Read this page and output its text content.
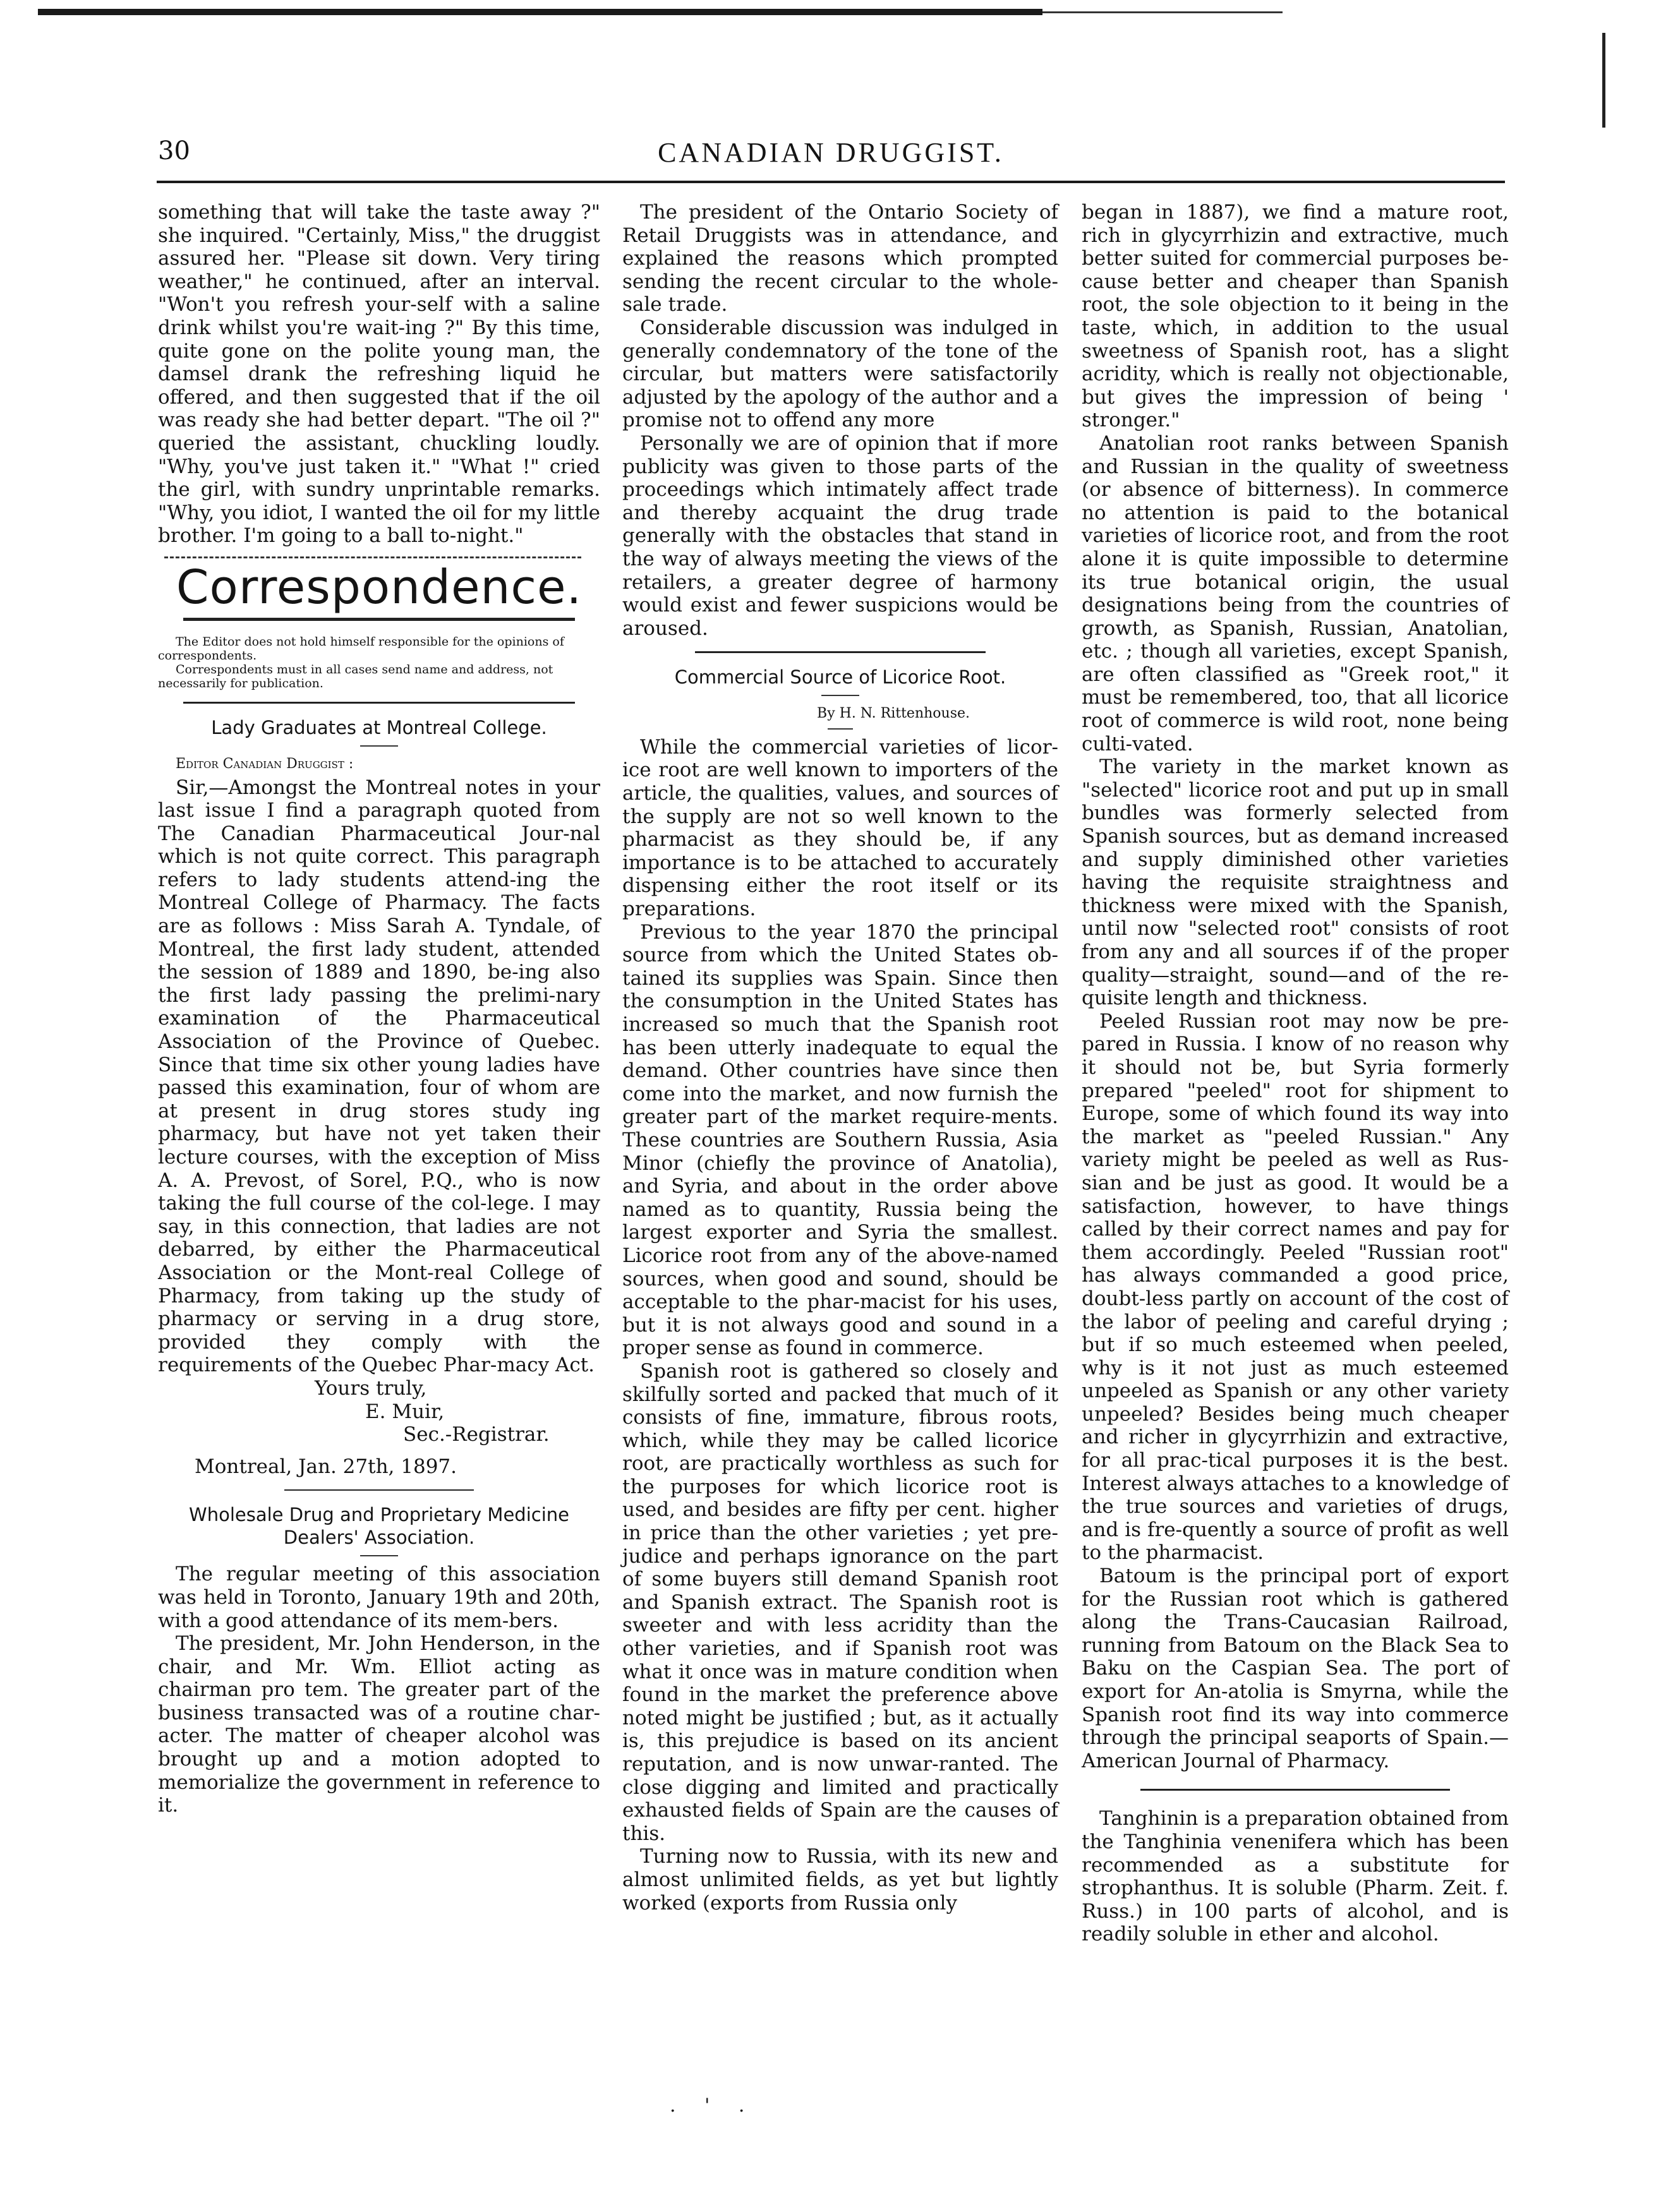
30	CANADIAN DRUGGIST.

something that will take the taste away ?" she inquired. "Certainly, Miss," the druggist assured her. "Please sit down. Very tiring weather," he continued, after an interval. "Won't you refresh your-self with a saline drink whilst you're wait-ing ?" By this time, quite gone on the polite young man, the damsel drank the refreshing liquid he offered, and then suggested that if the oil was ready she had better depart. "The oil ?" queried the assistant, chuckling loudly. "Why, you've just taken it." "What !" cried the girl, with sundry unprintable remarks. "Why, you idiot, I wanted the oil for my little brother. I'm going to a ball to-night."

Correspondence.

The Editor does not hold himself responsible for the opinions of correspondents.

Correspondents must in all cases send name and address, not necessarily for publication.

Lady Graduates at Montreal College.

Editor Canadian Druggist :

Sir,—Amongst the Montreal notes in your last issue I find a paragraph quoted from The Canadian Pharmaceutical Jour-nal which is not quite correct. This paragraph refers to lady students attend-ing the Montreal College of Pharmacy. The facts are as follows : Miss Sarah A. Tyndale, of Montreal, the first lady student, attended the session of 1889 and 1890, be-ing also the first lady passing the prelimi-nary examination of the Pharmaceutical Association of the Province of Quebec. Since that time six other young ladies have passed this examination, four of whom are at present in drug stores study ing pharmacy, but have not yet taken their lecture courses, with the exception of Miss A. A. Prevost, of Sorel, P.Q., who is now taking the full course of the col-lege. I may say, in this connection, that ladies are not debarred, by either the Pharmaceutical Association or the Mont-real College of Pharmacy, from taking up the study of pharmacy or serving in a drug store, provided they comply with the requirements of the Quebec Phar-macy Act.

Yours truly,

E. Muir,

Sec.-Registrar.

Montreal, Jan. 27th, 1897.

Wholesale Drug and Proprietary Medicine Dealers' Association.

The regular meeting of this association was held in Toronto, January 19th and 20th, with a good attendance of its mem-bers.

The president, Mr. John Henderson, in the chair, and Mr. Wm. Elliot acting as chairman pro tem. The greater part of the business transacted was of a routine char-acter. The matter of cheaper alcohol was brought up and a motion adopted to memorialize the government in reference to it.

The president of the Ontario Society of Retail Druggists was in attendance, and explained the reasons which prompted sending the recent circular to the whole-sale trade.

Considerable discussion was indulged in generally condemnatory of the tone of the circular, but matters were satisfactorily adjusted by the apology of the author and a promise not to offend any more

Personally we are of opinion that if more publicity was given to those parts of the proceedings which intimately affect trade and thereby acquaint the drug trade generally with the obstacles that stand in the way of always meeting the views of the retailers, a greater degree of harmony would exist and fewer suspicions would be aroused.

Commercial Source of Licorice Root.

By H. N. Rittenhouse.

While the commercial varieties of licor-ice root are well known to importers of the article, the qualities, values, and sources of the supply are not so well known to the pharmacist as they should be, if any importance is to be attached to accurately dispensing either the root itself or its preparations.

Previous to the year 1870 the principal source from which the United States ob-tained its supplies was Spain. Since then the consumption in the United States has increased so much that the Spanish root has been utterly inadequate to equal the demand. Other countries have since then come into the market, and now furnish the greater part of the market require-ments. These countries are Southern Russia, Asia Minor (chiefly the province of Anatolia), and Syria, and about in the order above named as to quantity, Russia being the largest exporter and Syria the smallest. Licorice root from any of the above-named sources, when good and sound, should be acceptable to the phar-macist for his uses, but it is not always good and sound in a proper sense as found in commerce.

Spanish root is gathered so closely and skilfully sorted and packed that much of it consists of fine, immature, fibrous roots, which, while they may be called licorice root, are practically worthless as such for the purposes for which licorice root is used, and besides are fifty per cent. higher in price than the other varieties ; yet pre-judice and perhaps ignorance on the part of some buyers still demand Spanish root and Spanish extract. The Spanish root is sweeter and with less acridity than the other varieties, and if Spanish root was what it once was in mature condition when found in the market the preference above noted might be justified ; but, as it actually is, this prejudice is based on its ancient reputation, and is now unwar-ranted. The close digging and limited and practically exhausted fields of Spain are the causes of this.

Turning now to Russia, with its new and almost unlimited fields, as yet but lightly worked (exports from Russia only

began in 1887), we find a mature root, rich in glycyrrhizin and extractive, much better suited for commercial purposes be-cause better and cheaper than Spanish root, the sole objection to it being in the taste, which, in addition to the usual sweetness of Spanish root, has a slight acridity, which is really not objectionable, but gives the impression of being ' stronger."

Anatolian root ranks between Spanish and Russian in the quality of sweetness (or absence of bitterness). In commerce no attention is paid to the botanical varieties of licorice root, and from the root alone it is quite impossible to determine its true botanical origin, the usual designations being from the countries of growth, as Spanish, Russian, Anatolian, etc. ; though all varieties, except Spanish, are often classified as "Greek root," it must be remembered, too, that all licorice root of commerce is wild root, none being culti-vated.

The variety in the market known as "selected" licorice root and put up in small bundles was formerly selected from Spanish sources, but as demand increased and supply diminished other varieties having the requisite straightness and thickness were mixed with the Spanish, until now "selected root" consists of root from any and all sources if of the proper quality—straight, sound—and of the re-quisite length and thickness.

Peeled Russian root may now be pre-pared in Russia. I know of no reason why it should not be, but Syria formerly prepared "peeled" root for shipment to Europe, some of which found its way into the market as "peeled Russian." Any variety might be peeled as well as Rus-sian and be just as good. It would be a satisfaction, however, to have things called by their correct names and pay for them accordingly. Peeled "Russian root" has always commanded a good price, doubt-less partly on account of the cost of the labor of peeling and careful drying ; but if so much esteemed when peeled, why is it not just as much esteemed unpeeled as Spanish or any other variety unpeeled? Besides being much cheaper and richer in glycyrrhizin and extractive, for all prac-tical purposes it is the best. Interest always attaches to a knowledge of the true sources and varieties of drugs, and is fre-quently a source of profit as well to the pharmacist.

Batoum is the principal port of export for the Russian root which is gathered along the Trans-Caucasian Railroad, running from Batoum on the Black Sea to Baku on the Caspian Sea. The port of export for An-atolia is Smyrna, while the Spanish root find its way into commerce through the principal seaports of Spain.—American Journal of Pharmacy.

Tanghinin is a preparation obtained from the Tanghinia venenifera which has been recommended as a substitute for strophanthus. It is soluble (Pharm. Zeit. f. Russ.) in 100 parts of alcohol, and is readily soluble in ether and alcohol.

. ' .
